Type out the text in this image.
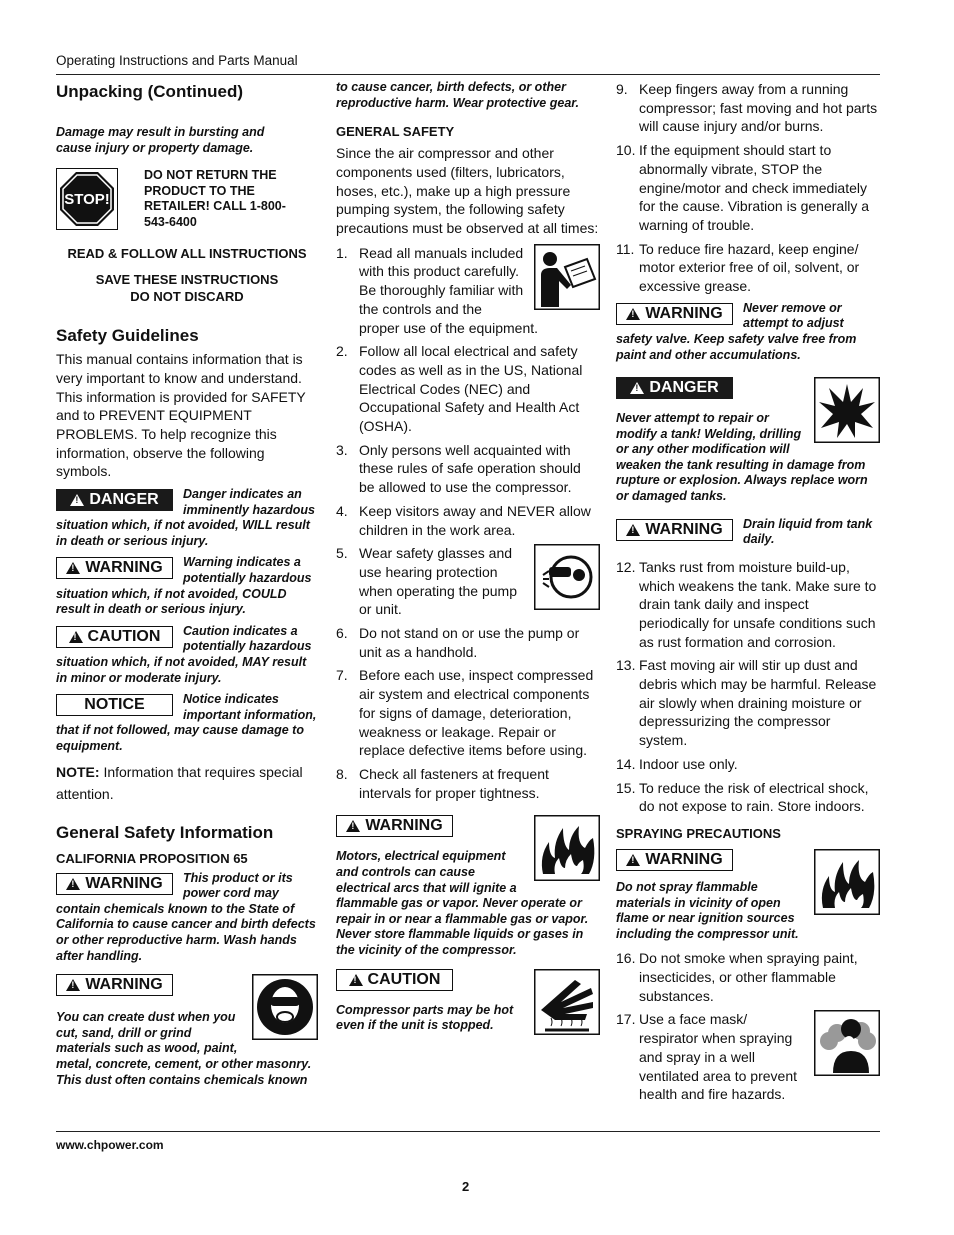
Operating Instructions and Parts Manual
Unpacking (Continued)

Damage may result in bursting and cause injury or property damage.

STOP!

DO NOT RETURN THE PRODUCT TO THE RETAILER! CALL 1-800-543-6400

READ & FOLLOW ALL INSTRUCTIONS

SAVE THESE INSTRUCTIONS

DO NOT DISCARD

Safety Guidelines

This manual contains information that is very important to know and understand. This information is provided for SAFETY and to PREVENT EQUIPMENT PROBLEMS. To help recognize this information, observe the following symbols.

!
DANGER	Danger indicates an imminently hazardous situation which, if not avoided, WILL result in death or serious injury.

!
WARNING	Warning indicates a potentially hazardous situation which, if not avoided, COULD result in death or serious injury.

!
CAUTION	Caution indicates a potentially hazardous situation which, if not avoided, MAY result in minor or moderate injury.

NOTICE	Notice indicates important information, that if not followed, may cause damage to equipment.

NOTE: Information that requires special attention.

General Safety Information
CALIFORNIA PROPOSITION 65
!
WARNING	This product or its power cord may contain chemicals known to the State of California to cause cancer and birth defects or other reproductive harm. Wash hands after handling.

!
WARNING

You can create dust when you cut, sand, drill or grind materials such as wood, paint, metal, concrete, cement, or other masonry. This dust often contains chemicals known

to cause cancer, birth defects, or other reproductive harm. Wear protective gear.

GENERAL SAFETY

Since the air compressor and other components used (filters, lubricators, hoses, etc.), make up a high pressure pumping system, the following safety precautions must be observed at all times:

1. Read all manuals included with this product carefully. Be thoroughly familiar with the controls and the proper use of the equipment.
2. Follow all local electrical and safety codes as well as in the US, National Electrical Codes (NEC) and Occupational Safety and Health Act (OSHA).
3. Only persons well acquainted with these rules of safe operation should be allowed to use the compressor.
4. Keep visitors away and NEVER allow children in the work area.
5. Wear safety glasses and use hearing protection when operating the pump or unit.
6. Do not stand on or use the pump or unit as a handhold.
7. Before each use, inspect compressed air system and electrical components for signs of damage, deterioration, weakness or leakage. Repair or replace defective items before using.
8. Check all fasteners at frequent intervals for proper tightness.
!
WARNING

Motors, electrical equipment and controls can cause electrical arcs that will ignite a flammable gas or vapor. Never operate or repair in or near a flammable gas or vapor. Never store flammable liquids or gases in the vicinity of the compressor.

!
CAUTION

Compressor parts may be hot even if the unit is stopped.

9. Keep fingers away from a running compressor; fast moving and hot parts will cause injury and/or burns.
10. If the equipment should start to abnormally vibrate, STOP the engine/motor and check immediately for the cause. Vibration is generally a warning of trouble.
11. To reduce fire hazard, keep engine/ motor exterior free of oil, solvent, or excessive grease.
!
WARNING	Never remove or attempt to adjust safety valve. Keep safety valve free from paint and other accumulations.

!
DANGER

Never attempt to repair or modify a tank! Welding, drilling or any other modification will weaken the tank resulting in damage from rupture or explosion. Always replace worn or damaged tanks.

!
WARNING	Drain liquid from tank daily.

12. Tanks rust from moisture build-up, which weakens the tank. Make sure to drain tank daily and inspect periodically for unsafe conditions such as rust formation and corrosion.
13. Fast moving air will stir up dust and debris which may be harmful. Release air slowly when draining moisture or depressurizing the compressor system.
14. Indoor use only.
15. To reduce the risk of electrical shock, do not expose to rain. Store indoors.
SPRAYING PRECAUTIONS
!
WARNING

Do not spray flammable materials in vicinity of open flame or near ignition sources including the compressor unit.

16. Do not smoke when spraying paint, insecticides, or other flammable substances.
17. Use a face mask/ respirator when spraying and spray in a well ventilated area to prevent health and fire hazards.
www.chpower.com
2
